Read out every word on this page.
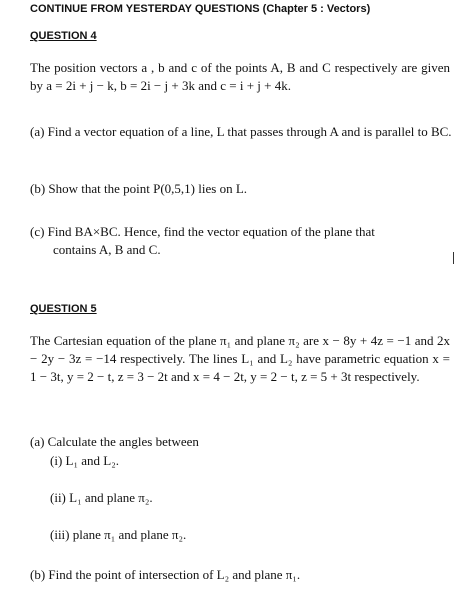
CONTINUE FROM YESTERDAY QUESTIONS (Chapter 5 : Vectors)
QUESTION 4
The position vectors a , b and c of the points A, B and C respectively are given by a = 2i + j − k, b = 2i − j + 3k and c = i + j + 4k.
(a) Find a vector equation of a line, L that passes through A and is parallel to BC.
(b) Show that the point P(0,5,1) lies on L.
(c) Find BA×BC. Hence, find the vector equation of the plane that
contains A, B and C.
QUESTION 5
The Cartesian equation of the plane π₁ and plane π₂ are x − 8y + 4z = −1 and 2x − 2y − 3z = −14 respectively. The lines L₁ and L₂ have parametric equation x = 1 − 3t, y = 2 − t, z = 3 − 2t and x = 4 − 2t, y = 2 − t, z = 5 + 3t respectively.
(a) Calculate the angles between
(i) L₁ and L₂.
(ii) L₁ and plane π₂.
(iii) plane π₁ and plane π₂.
(b) Find the point of intersection of L₂ and plane π₁.
